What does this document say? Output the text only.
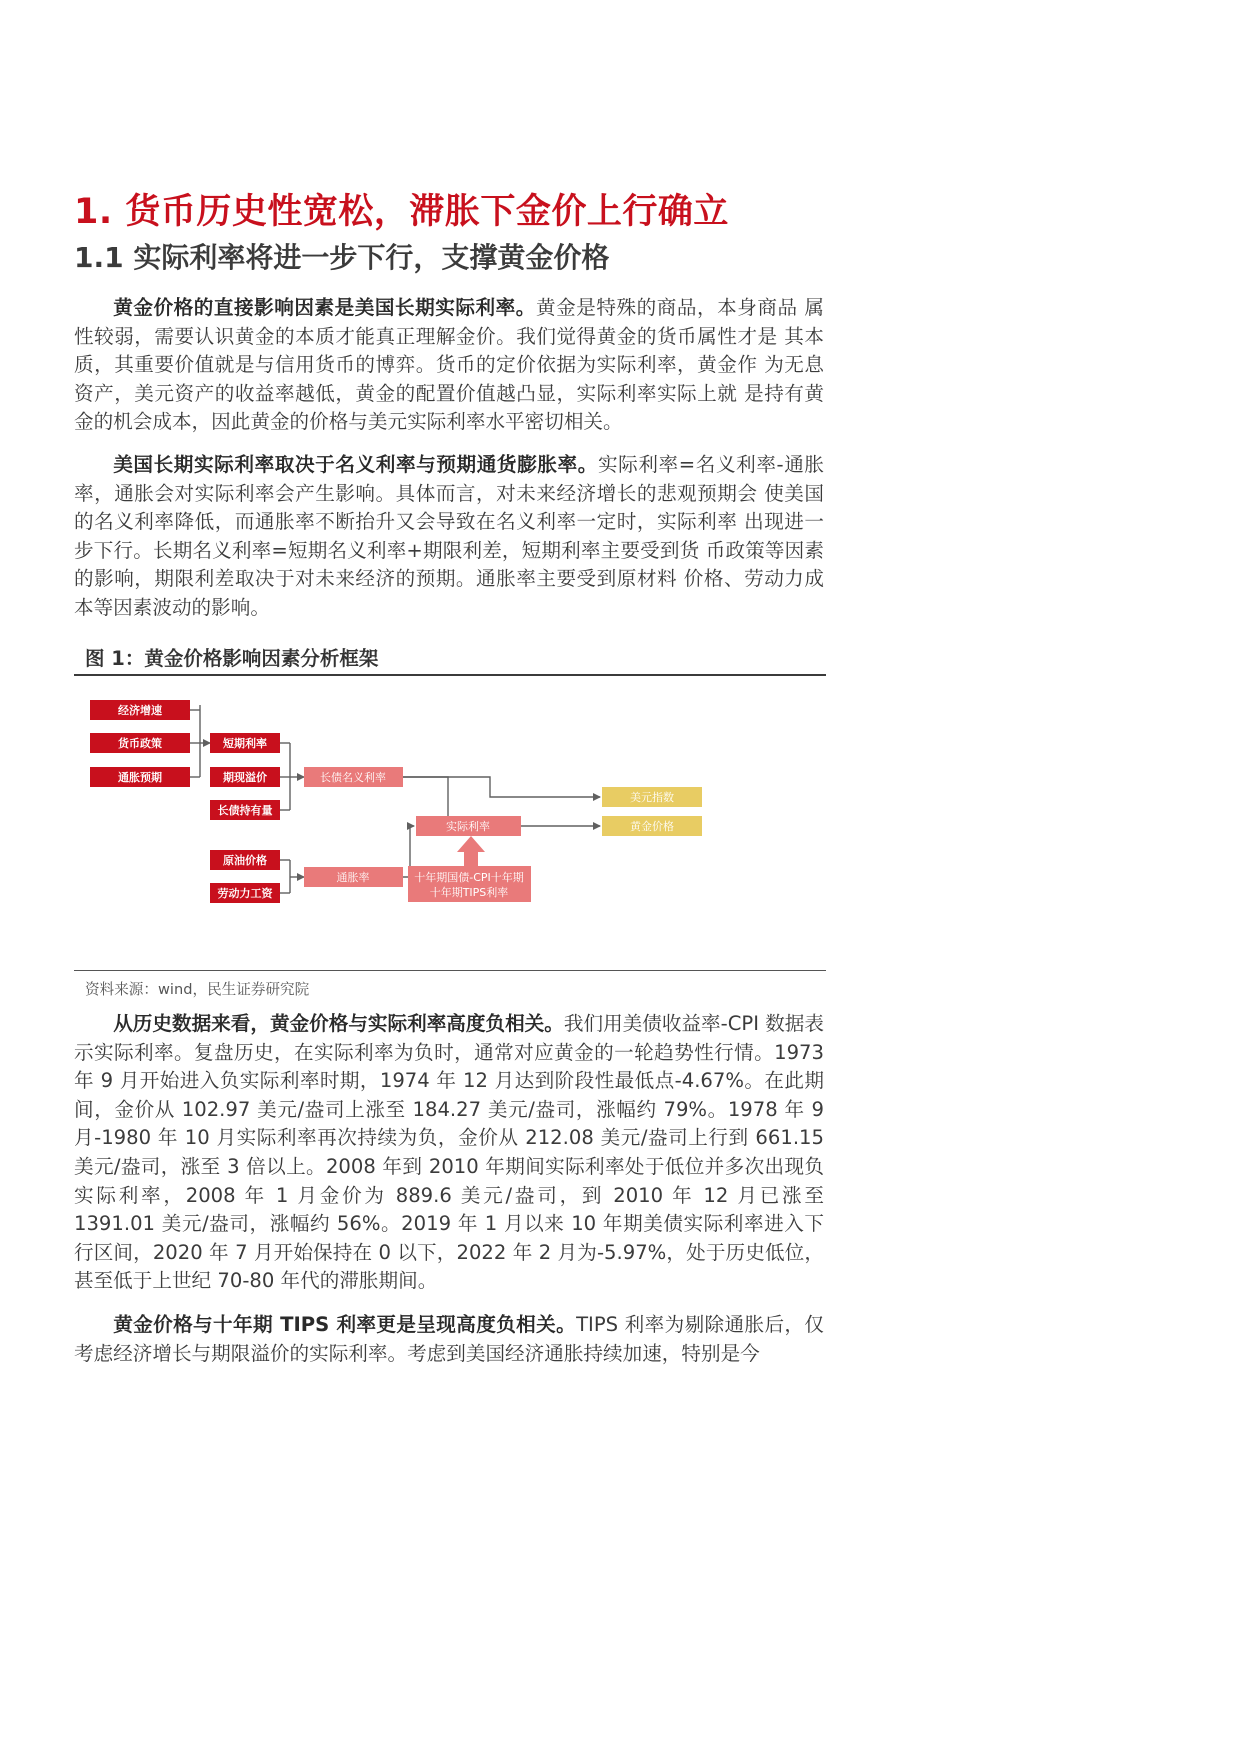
1. 货币历史性宽松，滞胀下金价上行确立
1.1 实际利率将进一步下行，支撑黄金价格

黄金价格的直接影响因素是美国长期实际利率。黄金是特殊的商品，本身商品 属性较弱，需要认识黄金的本质才能真正理解金价。我们觉得黄金的货币属性才是 其本质，其重要价值就是与信用货币的博弈。货币的定价依据为实际利率，黄金作 为无息资产，美元资产的收益率越低，黄金的配置价值越凸显，实际利率实际上就 是持有黄金的机会成本，因此黄金的价格与美元实际利率水平密切相关。

美国长期实际利率取决于名义利率与预期通货膨胀率。实际利率=名义利率-通胀率，通胀会对实际利率会产生影响。具体而言，对未来经济增长的悲观预期会 使美国的名义利率降低，而通胀率不断抬升又会导致在名义利率一定时，实际利率 出现进一步下行。长期名义利率=短期名义利率+期限利差，短期利率主要受到货 币政策等因素的影响，期限利差取决于对未来经济的预期。通胀率主要受到原材料 价格、劳动力成本等因素波动的影响。

图 1：黄金价格影响因素分析框架
经济增速
货币政策
通胀预期
短期利率
期现溢价
长债持有量
原油价格
劳动力工资
长债名义利率
通胀率
实际利率
十年期国债-CPI十年期
十年期TIPS利率
美元指数
黄金价格
资料来源：wind，民生证券研究院

从历史数据来看，黄金价格与实际利率高度负相关。我们用美债收益率-CPI 数据表示实际利率。复盘历史，在实际利率为负时，通常对应黄金的一轮趋势性行情。1973 年 9 月开始进入负实际利率时期，1974 年 12 月达到阶段性最低点-4.67%。在此期间，金价从 102.97 美元/盎司上涨至 184.27 美元/盎司，涨幅约 79%。1978 年 9 月-1980 年 10 月实际利率再次持续为负，金价从 212.08 美元/盎司上行到 661.15 美元/盎司，涨至 3 倍以上。2008 年到 2010 年期间实际利率处于低位并多次出现负实际利率，2008 年 1 月金价为 889.6 美元/盎司，到 2010 年 12 月已涨至 1391.01 美元/盎司，涨幅约 56%。2019 年 1 月以来 10 年期美债实际利率进入下行区间，2020 年 7 月开始保持在 0 以下，2022 年 2 月为-5.97%，处于历史低位，甚至低于上世纪 70-80 年代的滞胀期间。

黄金价格与十年期 TIPS 利率更是呈现高度负相关。TIPS 利率为剔除通胀后，仅考虑经济增长与期限溢价的实际利率。考虑到美国经济通胀持续加速，特别是今
